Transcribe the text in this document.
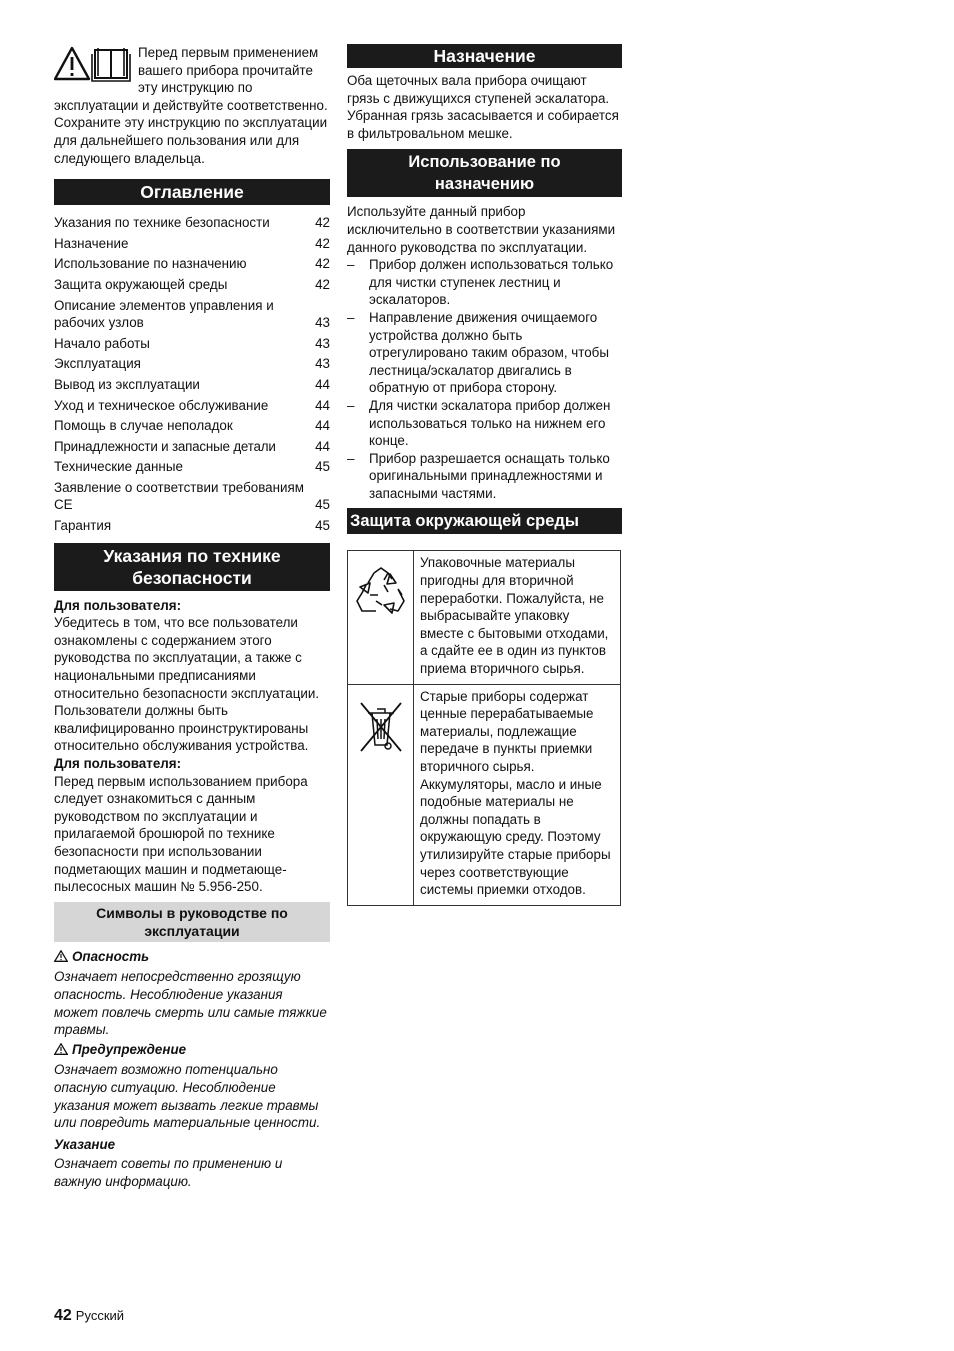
Перед первым применением вашего прибора прочитайте эту инструкцию по эксплуатации и действуйте соответственно. Сохраните эту инструкцию по эксплуатации для дальнейшего пользования или для следующего владельца.

Оглавление
Указания по технике безопасности	42
Назначение	42
Использование по назначению	42
Защита окружающей среды	42
Описание элементов управления и рабочих узлов	43
Начало работы	43
Эксплуатация	43
Вывод из эксплуатации	44
Уход и техническое обслуживание	44
Помощь в случае неполадок	44
Принадлежности и запасные детали	44
Технические данные	45
Заявление о соответствии требованиям CE	45
Гарантия	45
Указания по технике безопасности

Для пользователя:

Убедитесь в том, что все пользователи ознакомлены с содержанием этого руководства по эксплуатации, а также с национальными предписаниями относительно безопасности эксплуатации. Пользователи должны быть квалифицированно проинструктированы относительно обслуживания устройства.

Для пользователя:

Перед первым использованием прибора следует ознакомиться с данным руководством по эксплуатации и прилагаемой брошюрой по технике безопасности при использовании подметающих машин и подметающе-пылесосных машин № 5.956-250.

Символы в руководстве по эксплуатации

Опасность

Означает непосредственно грозящую опасность. Несоблюдение указания может повлечь смерть или самые тяжкие травмы.

Предупреждение

Означает возможно потенциально опасную ситуацию. Несоблюдение указания может вызвать легкие травмы или повредить материальные ценности.

Указание

Означает советы по применению и важную информацию.

Назначение

Оба щеточных вала прибора очищают грязь с движущихся ступеней эскалатора. Убранная грязь засасывается и собирается в фильтровальном мешке.

Использование по назначению

Используйте данный прибор исключительно в соответствии указаниями данного руководства по эксплуатации.

– Прибор должен использоваться только для чистки ступенек лестниц и эскалаторов.
– Направление движения очищаемого устройства должно быть отрегулировано таким образом, чтобы лестница/эскалатор двигались в обратную от прибора сторону.
– Для чистки эскалатора прибор должен использоваться только на нижнем его конце.
– Прибор разрешается оснащать только оригинальными принадлежностями и запасными частями.
Защита окружающей среды
	Упаковочные материалы пригодны для вторичной переработки. Пожалуйста, не выбрасывайте упаковку вместе с бытовыми отходами, а сдайте ее в один из пунктов приема вторичного сырья.
	Старые приборы содержат ценные перерабатываемые материалы, подлежащие передаче в пункты приемки вторичного сырья. Аккумуляторы, масло и иные подобные материалы не должны попадать в окружающую среду. Поэтому утилизируйте старые приборы через соответствующие системы приемки отходов.
42 Русский
